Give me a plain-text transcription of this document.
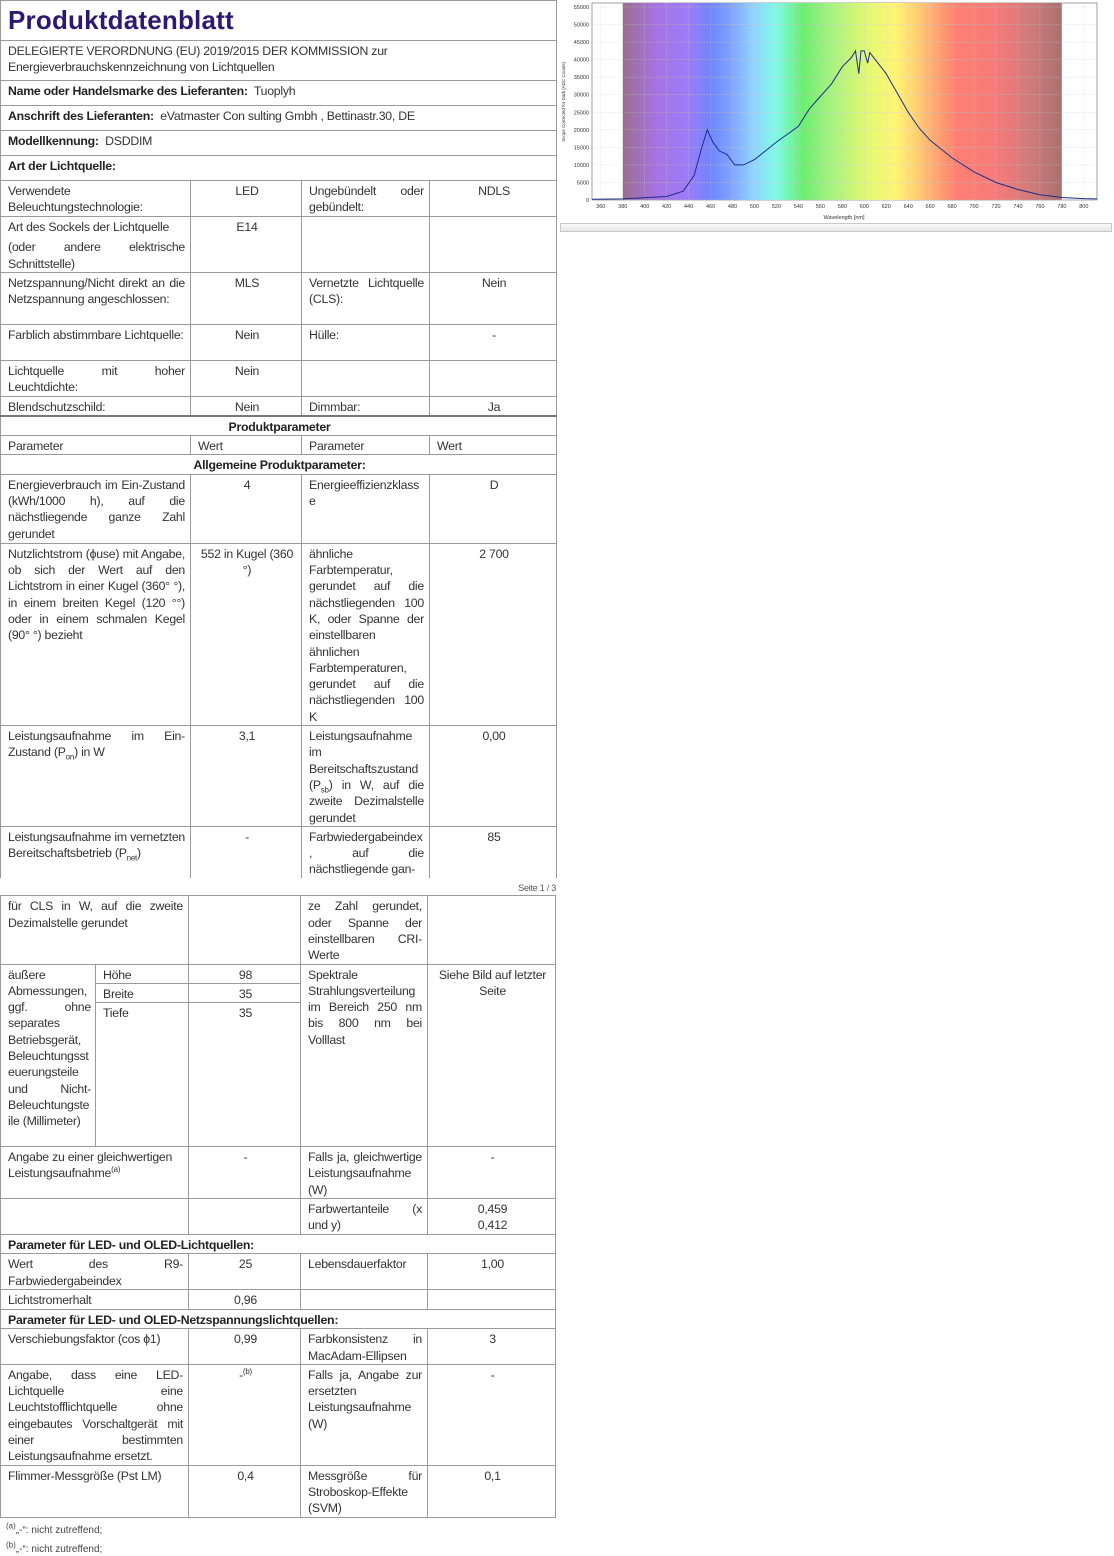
Produktdatenblatt			

DELEGIERTE VERORDNUNG (EU) 2019/2015 DER KOMMISSION zur
Energieverbrauchskennzeichnung von Lichtquellen			

Name oder Handelsmarke des Lieferanten: Tuoplyh			
Anschrift des Lieferanten: eVatmaster Con sulting Gmbh , Bettinastr.30, DE			
Modellkennung: DSDDIM			
Art der Lichtquelle:			
Verwendete Beleuchtungstechnologie:	LED	Ungebündelt oder gebündelt:	NDLS

Art des Sockels der Lichtquelle
(oder andere elektrische Schnittstelle)	E14		
Netzspannung/Nicht direkt an die Netzspannung angeschlossen:	MLS	Vernetzte Lichtquelle (CLS):	Nein
Farblich abstimmbare Lichtquelle:	Nein	Hülle:	-
Lichtquelle mit hoher Leuchtdichte:	Nein		
Blendschutzschild:	Nein	Dimmbar:	Ja
Produktparameter			
Parameter	Wert	Parameter	Wert
Allgemeine Produktparameter:			
Energieverbrauch im Ein-Zustand (kWh/1000 h), auf die nächstliegende ganze Zahl gerundet	4	Energieeffizienzklasse	D
Nutzlichtstrom (ϕuse) mit Angabe, ob sich der Wert auf den Lichtstrom in einer Kugel (360° °), in einem breiten Kegel (120 °°) oder in einem schmalen Kegel (90° °) bezieht	552 in Kugel (360 °)	ähnliche Farbtemperatur, gerundet auf die nächstliegenden 100 K, oder Spanne der einstellbaren ähnlichen Farbtemperaturen, gerundet auf die nächstliegenden 100 K	2 700
Leistungsaufnahme im Ein-Zustand $(P_{on})$ in W	3,1	Leistungsaufnahme im Bereitschaftszustand $(P_{sb})$ in W, auf die zweite Dezimalstelle gerundet	0,00
Leistungsaufnahme im vernetzten Bereitschaftsbetrieb $(P_{net})$	-	Farbwiedergabeindex, auf die nächstliegende gan-	85
Seite 1 / 3
für CLS in W, auf die zweite Dezimalstelle gerundet			ze Zahl gerundet, oder Spanne der einstellbaren CRI-Werte	
äußere Abmessungen, ggf. ohne separates Betriebsgerät, Beleuchtungssteuerungsteile und Nicht-Beleuchtungsteile (Millimeter)	Höhe	98	Spektrale Strahlungsverteilung im Bereich 250 nm bis 800 nm bei Volllast	Siehe Bild auf letzter Seite
	Breite	35		
	Tiefe	35		
Angabe zu einer gleichwertigen Leistungsaufnahme$^{(a)}$		-	Falls ja, gleichwertige Leistungsaufnahme (W)	-
			Farbwertanteile (x und y)	0,459
0,412

Parameter für LED- und OLED-Lichtquellen:				
Wert des R9-Farbwiedergabeindex		25	Lebensdauerfaktor	1,00
Lichtstromerhalt		0,96		
Parameter für LED- und OLED-Netzspannungslichtquellen:				
Verschiebungsfaktor (cos ϕ1)		0,99	Farbkonsistenz in MacAdam-Ellipsen	3
Angabe, dass eine LED-Lichtquelle eine Leuchtstofflichtquelle ohne eingebautes Vorschaltgerät mit einer bestimmten Leistungsaufnahme ersetzt.		-$^{(b)}$	Falls ja, Angabe zur ersetzten Leistungsaufnahme (W)	-
Flimmer-Messgröße (Pst LM)		0,4	Messgröße für Stroboskop-Effekte (SVM)	0,1
$^{(a)}$„-“: nicht zutreffend;
$^{(b)}$„-“: nicht zutreffend;
360 380 400 420 440 460 480 500 520 540 560 580 600 620 640 660 680 700 720 740 760 780 800
0
5000
10000
15000
20000
25000
30000
35000
40000
45000
50000
55000
Wavelength [nm]
Scope Corrected for Dark [ADC Counts]
